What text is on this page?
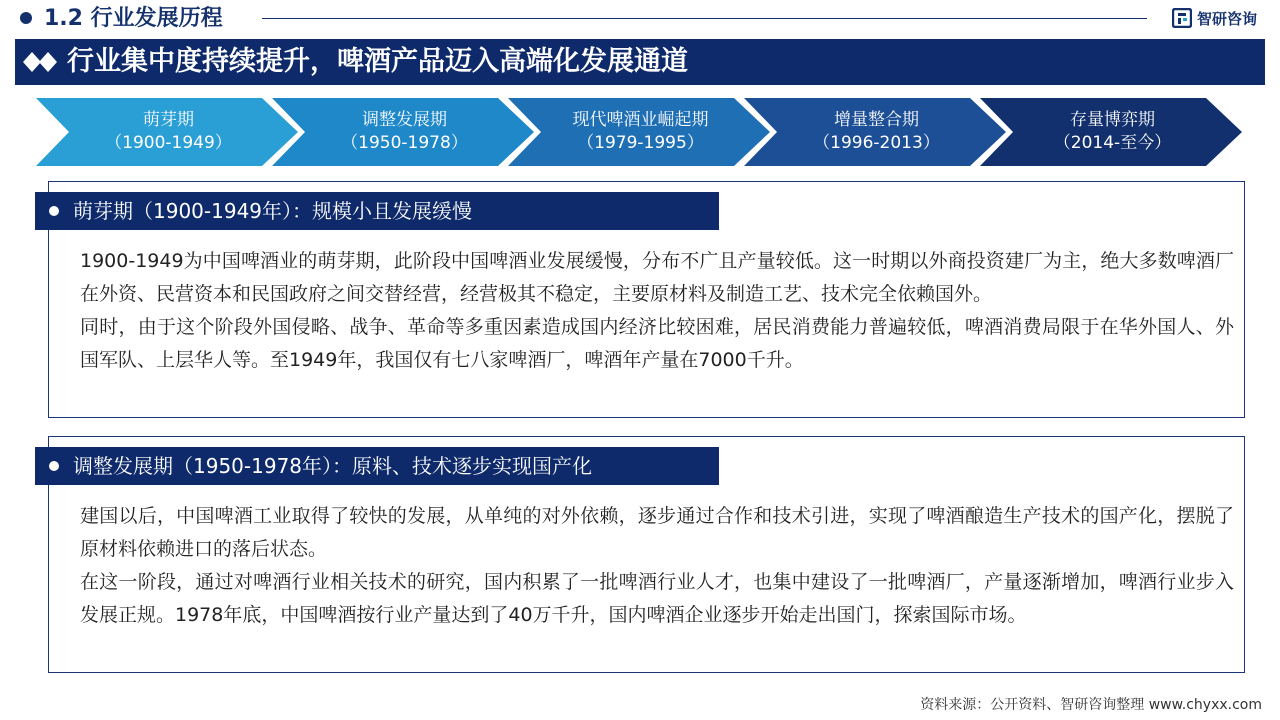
1.2 行业发展历程	智研咨询
行业集中度持续提升，啤酒产品迈入高端化发展通道
萌芽期
（1900-1949）
调整发展期
（1950-1978）
现代啤酒业崛起期
（1979-1995）
增量整合期
（1996-2013）
存量博弈期
（2014-至今）
萌芽期（1900-1949年）：规模小且发展缓慢

1900-1949为中国啤酒业的萌芽期，此阶段中国啤酒业发展缓慢，分布不广且产量较低。这一时期以外商投资建厂为主，绝大多数啤酒厂在外资、民营资本和民国政府之间交替经营，经营极其不稳定，主要原材料及制造工艺、技术完全依赖国外。

同时，由于这个阶段外国侵略、战争、革命等多重因素造成国内经济比较困难，居民消费能力普遍较低，啤酒消费局限于在华外国人、外国军队、上层华人等。至1949年，我国仅有七八家啤酒厂，啤酒年产量在7000千升。

调整发展期（1950-1978年）：原料、技术逐步实现国产化

建国以后，中国啤酒工业取得了较快的发展，从单纯的对外依赖，逐步通过合作和技术引进，实现了啤酒酿造生产技术的国产化，摆脱了原材料依赖进口的落后状态。

在这一阶段，通过对啤酒行业相关技术的研究，国内积累了一批啤酒行业人才，也集中建设了一批啤酒厂，产量逐渐增加，啤酒行业步入发展正规。1978年底，中国啤酒按行业产量达到了40万千升，国内啤酒企业逐步开始走出国门，探索国际市场。

资料来源：公开资料、智研咨询整理 www.chyxx.com
